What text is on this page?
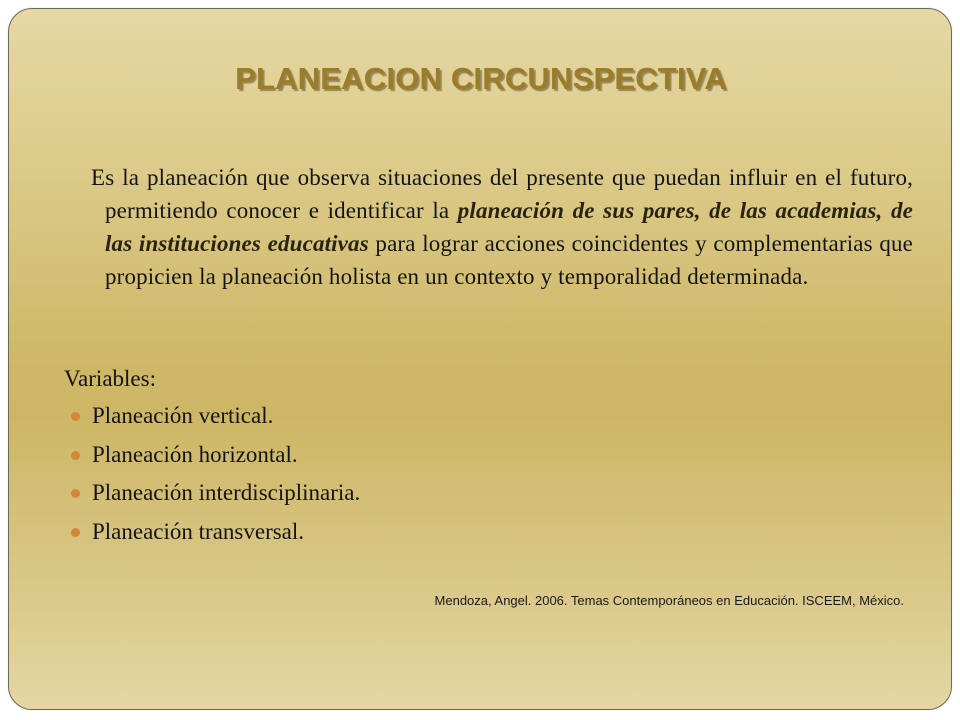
PLANEACION CIRCUNSPECTIVA
Es la planeación que observa situaciones del presente que puedan influir en el futuro, permitiendo conocer e identificar la planeación de sus pares, de las academias, de las instituciones educativas para lograr acciones coincidentes y complementarias que propicien la planeación holista en un contexto y temporalidad determinada.
Variables:
Planeación vertical.
Planeación horizontal.
Planeación interdisciplinaria.
Planeación transversal.
Mendoza, Angel. 2006. Temas Contemporáneos en Educación. ISCEEM, México.
